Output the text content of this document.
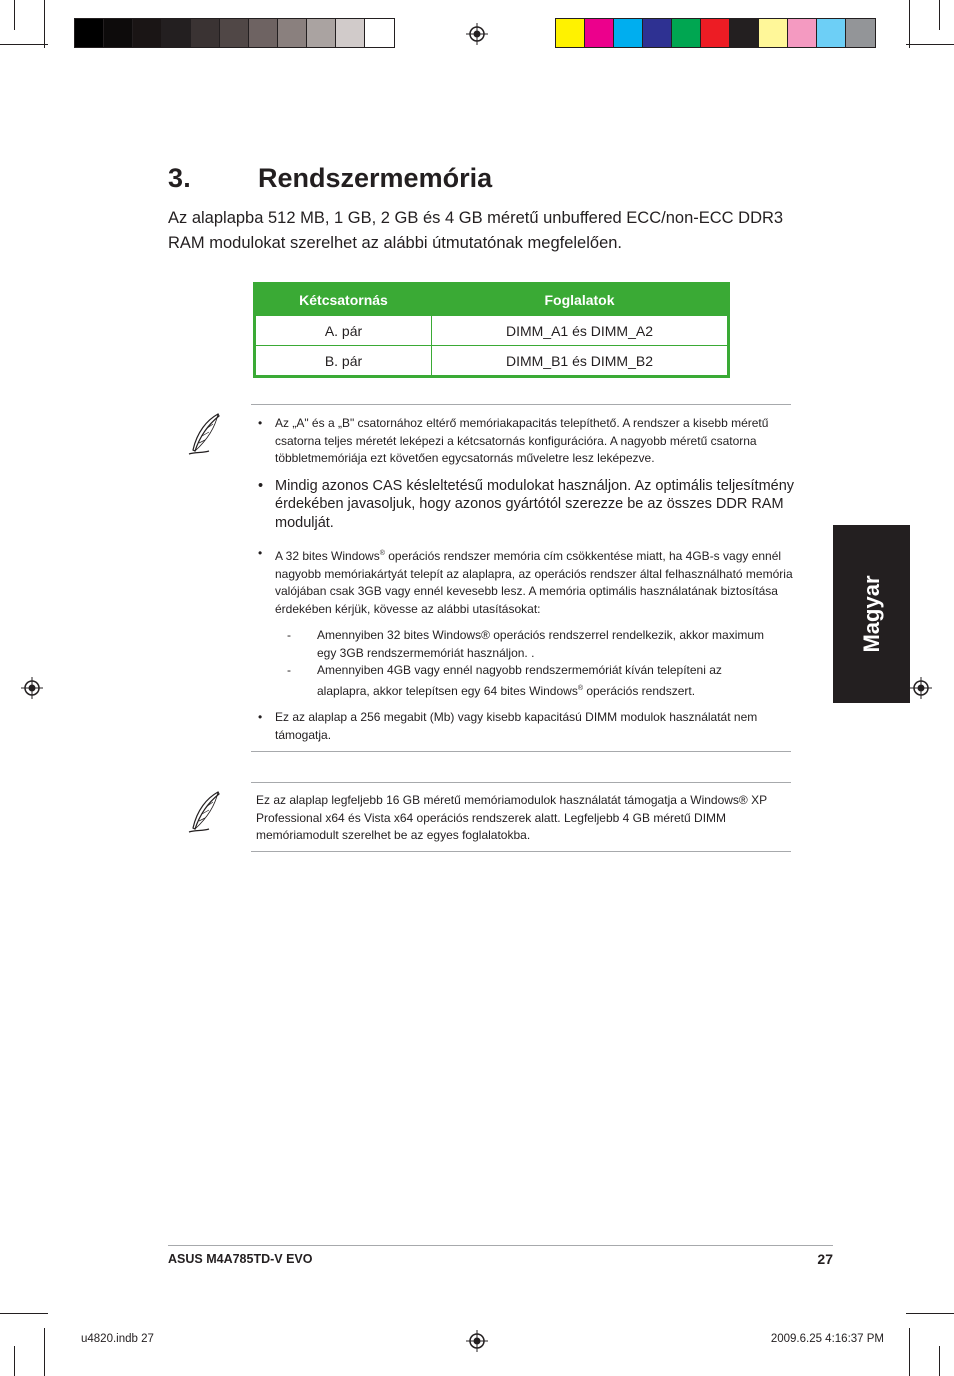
3. Rendszermemória
Az alaplapba 512 MB, 1 GB, 2 GB és 4 GB méretű unbuffered ECC/non-ECC DDR3 RAM modulokat szerelhet az alábbi útmutatónak megfelelően.
Kétcsatornás	Foglalatok
A. pár	DIMM_A1 és DIMM_A2
B. pár	DIMM_B1 és DIMM_B2
• Az „A" és a „B" csatornához eltérő memóriakapacitás telepíthető. A rendszer a kisebb méretű csatorna teljes méretét leképezi a kétcsatornás konfigurációra. A nagyobb méretű csatorna többletmemóriája ezt követően egycsatornás műveletre lesz leképezve.
• Mindig azonos CAS késleltetésű modulokat használjon. Az optimális teljesítmény érdekében javasoljuk, hogy azonos gyártótól szerezze be az összes DDR RAM modulját.
• A 32 bites Windows® operációs rendszer memória cím csökkentése miatt, ha 4GB-s vagy ennél nagyobb memóriakártyát telepít az alaplapra, az operációs rendszer által felhasználható memória valójában csak 3GB vagy ennél kevesebb lesz. A memória optimális használatának biztosítása érdekében kérjük, kövesse az alábbi utasításokat:
- Amennyiben 32 bites Windows® operációs rendszerrel rendelkezik, akkor maximum egy 3GB rendszermemóriát használjon. .
- Amennyiben 4GB vagy ennél nagyobb rendszermemóriát kíván telepíteni az alaplapra, akkor telepítsen egy 64 bites Windows® operációs rendszert.
• Ez az alaplap a 256 megabit (Mb) vagy kisebb kapacitású DIMM modulok használatát nem támogatja.
Ez az alaplap legfeljebb 16 GB méretű memóriamodulok használatát támogatja a Windows® XP Professional x64 és Vista x64 operációs rendszerek alatt. Legfeljebb 4 GB méretű DIMM memóriamodult szerelhet be az egyes foglalatokba.
Magyar
ASUS M4A785TD-V EVO	27
u4820.indb 27	2009.6.25 4:16:37 PM
